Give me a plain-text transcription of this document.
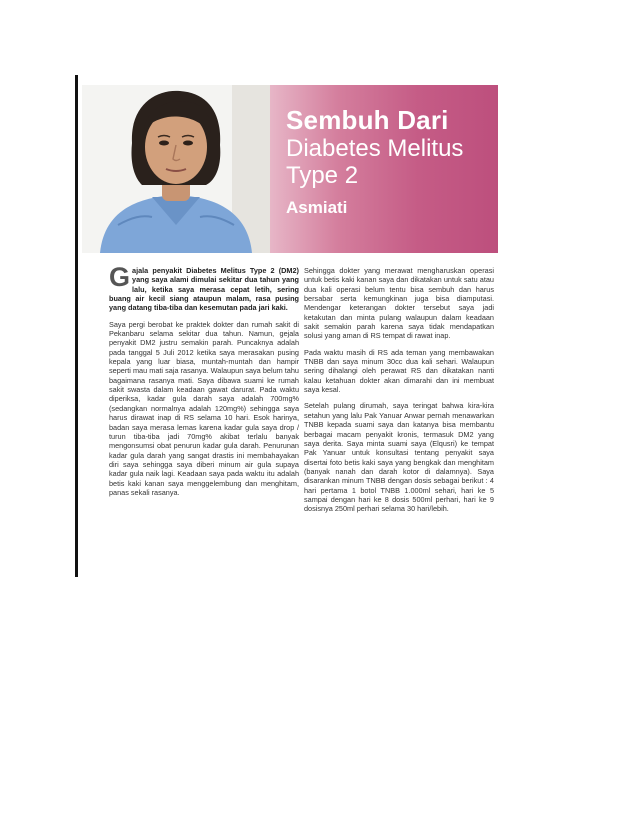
Sembuh Dari
Diabetes Melitus
Type 2
Asmiati

Gajala penyakit Diabetes Melitus Type 2 (DM2) yang saya alami dimulai sekitar dua tahun yang lalu, ketika saya merasa cepat letih, sering buang air kecil siang ataupun malam, rasa pusing yang datang tiba-tiba dan kesemutan pada jari kaki.

Saya pergi berobat ke praktek dokter dan rumah sakit di Pekanbaru selama sekitar dua tahun. Namun, gejala penyakit DM2 justru semakin parah. Puncaknya adalah pada tanggal 5 Juli 2012 ketika saya merasakan pusing kepala yang luar biasa, muntah-muntah dan hampir seperti mau mati saja rasanya. Walaupun saya belum tahu bagaimana rasanya mati. Saya dibawa suami ke rumah sakit swasta dalam keadaan gawat darurat. Pada waktu diperiksa, kadar gula darah saya adalah 700mg% (sedangkan normalnya adalah 120mg%) sehingga saya harus dirawat inap di RS selama 10 hari. Esok harinya, badan saya merasa lemas karena kadar gula saya drop / turun tiba-tiba jadi 70mg% akibat terlalu banyak mengonsumsi obat penurun kadar gula darah. Penurunan kadar gula darah yang sangat drastis ini membahayakan diri saya sehingga saya diberi minum air gula supaya kadar gula naik lagi. Keadaan saya pada waktu itu adalah betis kaki kanan saya menggelembung dan menghitam, panas sekali rasanya.

Sehingga dokter yang merawat mengharuskan operasi untuk betis kaki kanan saya dan dikatakan untuk satu atau dua kali operasi belum tentu bisa sembuh dan harus bersabar serta kemungkinan juga bisa diamputasi. Mendengar keterangan dokter tersebut saya jadi ketakutan dan minta pulang walaupun dalam keadaan sakit semakin parah karena saya tidak mendapatkan solusi yang aman di RS tempat di rawat inap.

Pada waktu masih di RS ada teman yang membawakan TNBB dan saya minum 30cc dua kali sehari. Walaupun sering dihalangi oleh perawat RS dan dikatakan nanti kalau ketahuan dokter akan dimarahi dan ini membuat saya kesal.

Setelah pulang dirumah, saya teringat bahwa kira-kira setahun yang lalu Pak Yanuar Anwar pernah menawarkan TNBB kepada suami saya dan katanya bisa membantu berbagai macam penyakit kronis, termasuk DM2 yang saya derita. Saya minta suami saya (Elqusri) ke tempat Pak Yanuar untuk konsultasi tentang penyakit saya disertai foto betis kaki saya yang bengkak dan menghitam (banyak nanah dan darah kotor di dalamnya). Saya disarankan minum TNBB dengan dosis sebagai berikut : 4 hari pertama 1 botol TNBB 1.000ml sehari, hari ke 5 sampai dengan hari ke 8 dosis 500ml perhari, hari ke 9 dosisnya 250ml perhari selama 30 hari/lebih.
